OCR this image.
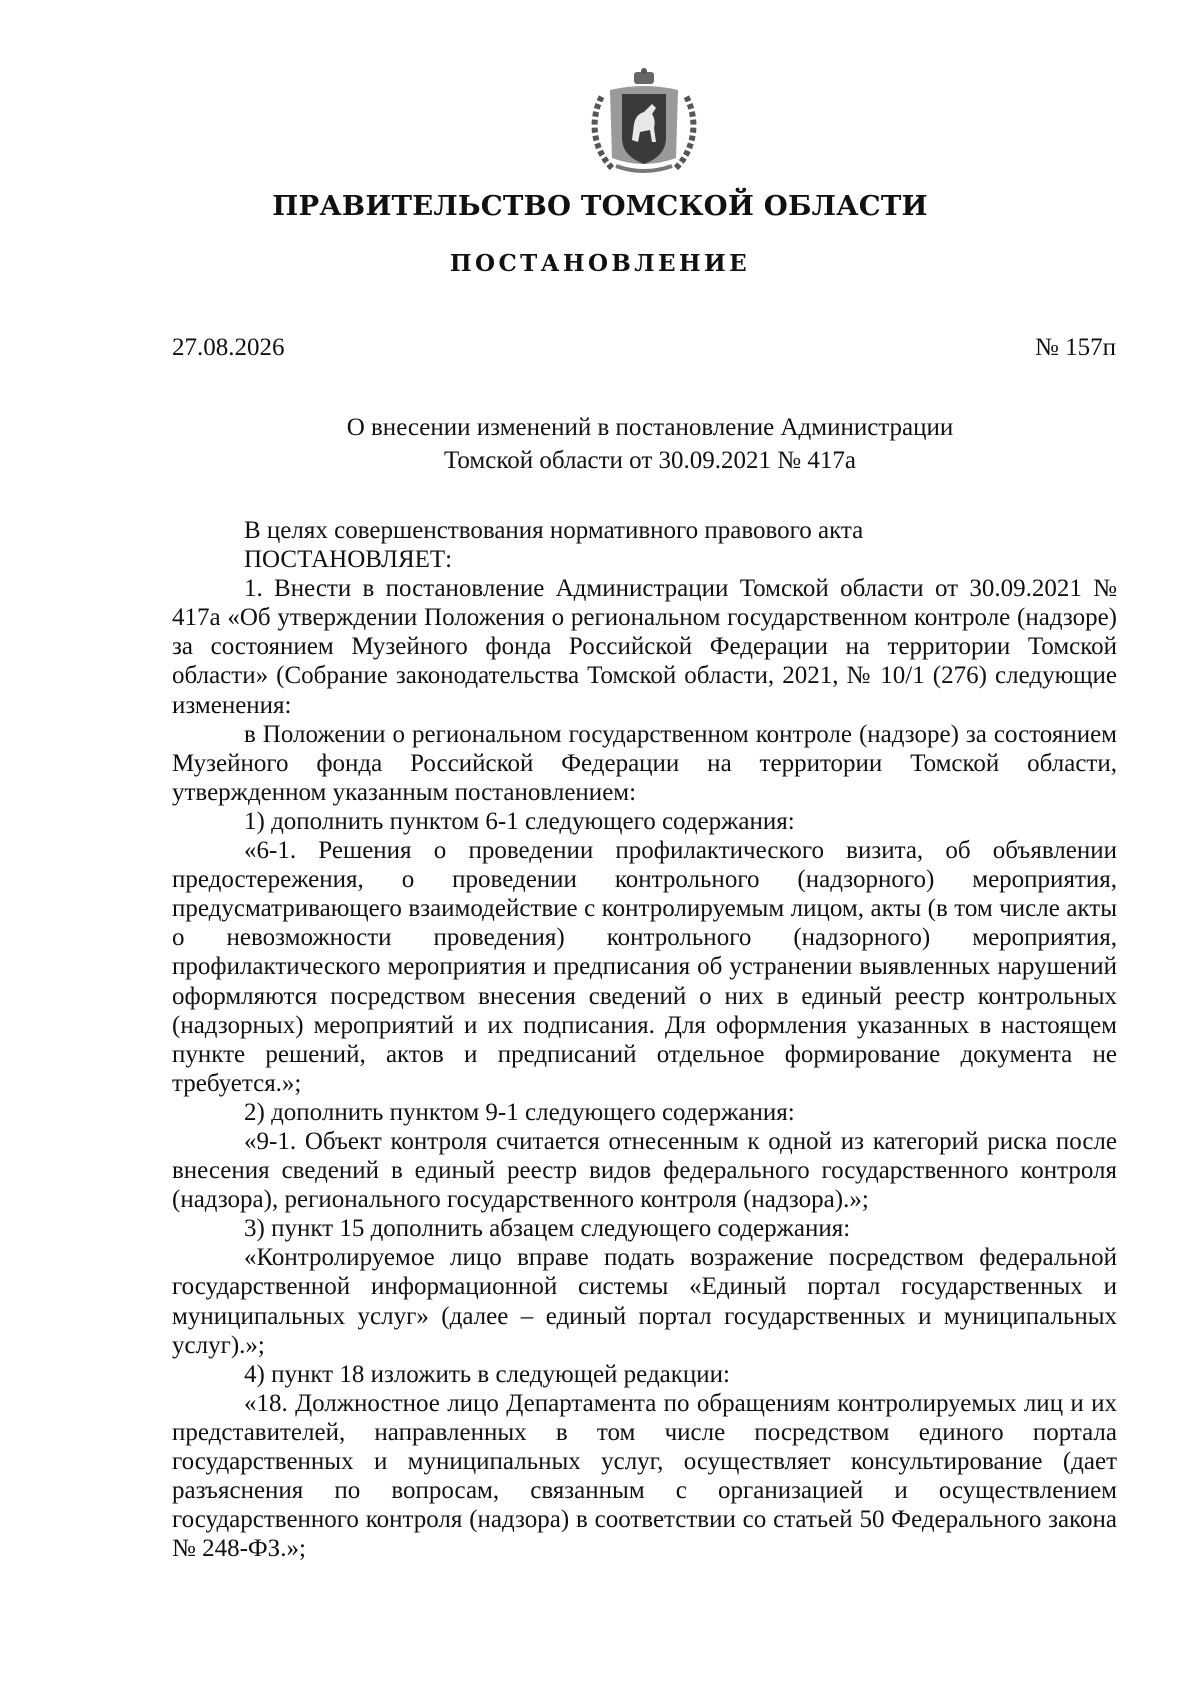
ПРАВИТЕЛЬСТВО ТОМСКОЙ ОБЛАСТИ
ПОСТАНОВЛЕНИЕ
27.08.2026	№ 157п
О внесении изменений в постановление Администрации
Томской области от 30.09.2021 № 417а

В целях совершенствования нормативного правового акта

ПОСТАНОВЛЯЕТ:

1. Внести в постановление Администрации Томской области от 30.09.2021 № 417а «Об утверждении Положения о региональном государственном контроле (надзоре) за состоянием Музейного фонда Российской Федерации на территории Томской области» (Собрание законодательства Томской области, 2021, № 10/1 (276) следующие изменения:

в Положении о региональном государственном контроле (надзоре) за состоянием Музейного фонда Российской Федерации на территории Томской области, утвержденном указанным постановлением:

1) дополнить пунктом 6-1 следующего содержания:

«6-1. Решения о проведении профилактического визита, об объявлении предостережения, о проведении контрольного (надзорного) мероприятия, предусматривающего взаимодействие с контролируемым лицом, акты (в том числе акты о невозможности проведения) контрольного (надзорного) мероприятия, профилактического мероприятия и предписания об устранении выявленных нарушений оформляются посредством внесения сведений о них в единый реестр контрольных (надзорных) мероприятий и их подписания. Для оформления указанных в настоящем пункте решений, актов и предписаний отдельное формирование документа не требуется.»;

2) дополнить пунктом 9-1 следующего содержания:

«9-1. Объект контроля считается отнесенным к одной из категорий риска после внесения сведений в единый реестр видов федерального государственного контроля (надзора), регионального государственного контроля (надзора).»;

3) пункт 15 дополнить абзацем следующего содержания:

«Контролируемое лицо вправе подать возражение посредством федеральной государственной информационной системы «Единый портал государственных и муниципальных услуг» (далее – единый портал государственных и муниципальных услуг).»;

4) пункт 18 изложить в следующей редакции:

«18. Должностное лицо Департамента по обращениям контролируемых лиц и их представителей, направленных в том числе посредством единого портала государственных и муниципальных услуг, осуществляет консультирование (дает разъяснения по вопросам, связанным с организацией и осуществлением государственного контроля (надзора) в соответствии со статьей 50 Федерального закона № 248-ФЗ.»;
